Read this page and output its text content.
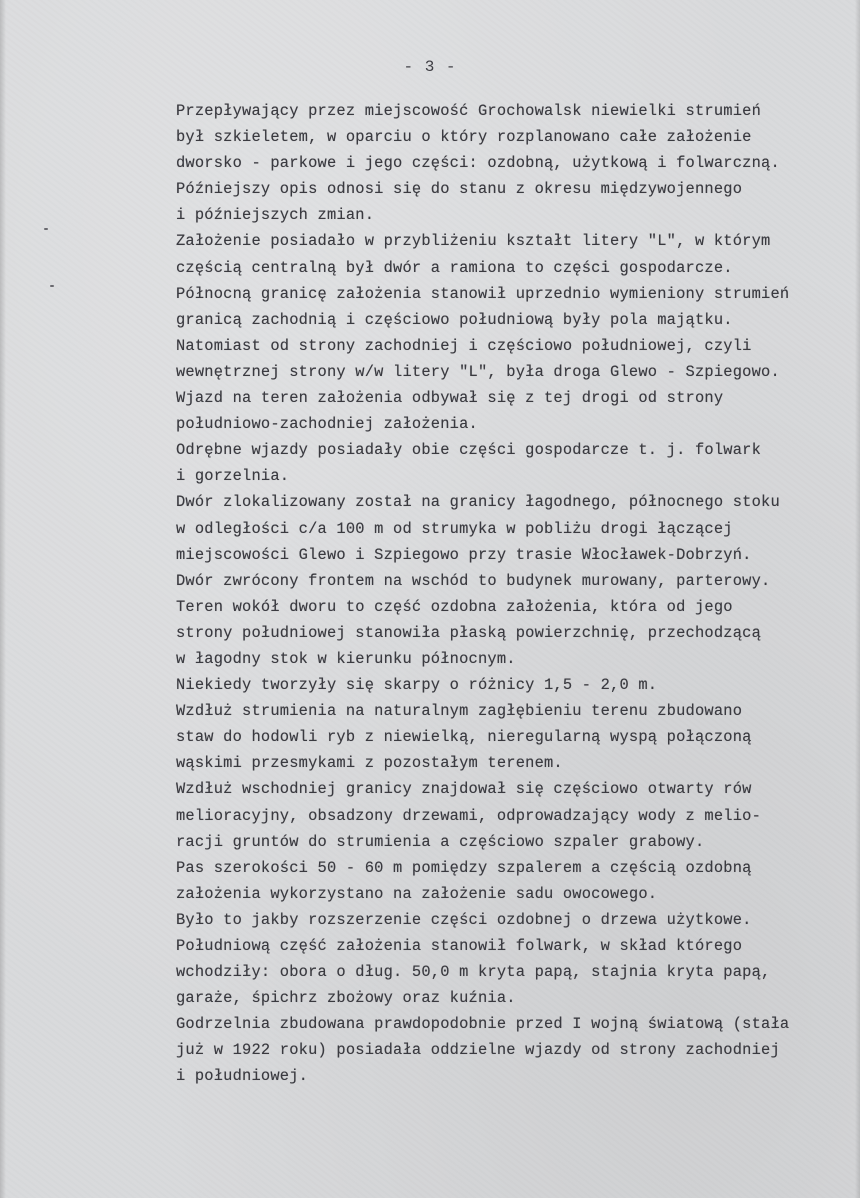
- 3 -
Przepływający przez miejscowość Grochowalsk niewielki strumień
był szkieletem, w oparciu o który rozplanowano całe założenie
dworsko - parkowe i jego części: ozdobną, użytkową i folwarczną.
Późniejszy opis odnosi się do stanu z okresu międzywojennego
i późniejszych zmian.
Założenie posiadało w przybliżeniu kształt litery "L", w którym
częścią centralną był dwór a ramiona to części gospodarcze.
Północną granicę założenia stanowił uprzednio wymieniony strumień
granicą zachodnią i częściowo południową były pola majątku.
Natomiast od strony zachodniej i częściowo południowej, czyli
wewnętrznej strony w/w litery "L", była droga Glewo - Szpiegowo.
Wjazd na teren założenia odbywał się z tej drogi od strony
południowo-zachodniej założenia.
Odrębne wjazdy posiadały obie części gospodarcze t. j. folwark
i gorzelnia.
Dwór zlokalizowany został na granicy łagodnego, północnego stoku
w odległości c/a 100 m od strumyka w pobliżu drogi łączącej
miejscowości Glewo i Szpiegowo przy trasie Włocławek-Dobrzyń.
Dwór zwrócony frontem na wschód to budynek murowany, parterowy.
Teren wokół dworu to część ozdobna założenia, która od jego
strony południowej stanowiła płaską powierzchnię, przechodzącą
w łagodny stok w kierunku północnym.
Niekiedy tworzyły się skarpy o różnicy 1,5 - 2,0 m.
Wzdłuż strumienia na naturalnym zagłębieniu terenu zbudowano
staw do hodowli ryb z niewielką, nieregularną wyspą połączoną
wąskimi przesmykami z pozostałym terenem.
Wzdłuż wschodniej granicy znajdował się częściowo otwarty rów
melioracyjny, obsadzony drzewami, odprowadzający wody z melio-
racji gruntów do strumienia a częściowo szpaler grabowy.
Pas szerokości 50 - 60 m pomiędzy szpalerem a częścią ozdobną
założenia wykorzystano na założenie sadu owocowego.
Było to jakby rozszerzenie części ozdobnej o drzewa użytkowe.
Południową część założenia stanowił folwark, w skład którego
wchodziły: obora o dług. 50,0 m kryta papą, stajnia kryta papą,
garaże, śpichrz zbożowy oraz kuźnia.
Godrzelnia zbudowana prawdopodobnie przed I wojną światową (stała
już w 1922 roku) posiadała oddzielne wjazdy od strony zachodniej
i południowej.
